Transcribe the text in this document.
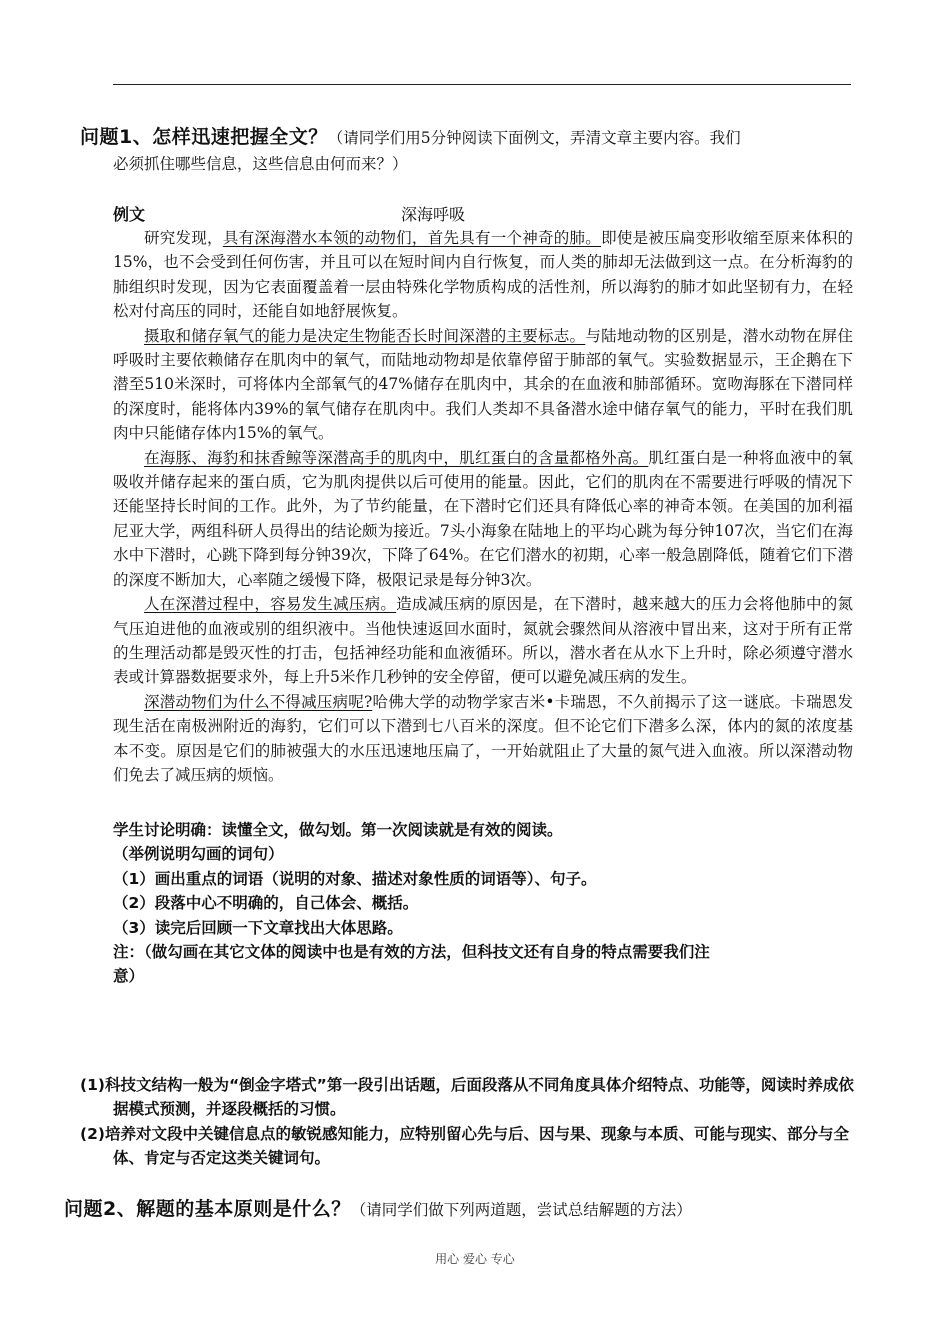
问题1、怎样迅速把握全文？（请同学们用5分钟阅读下面例文，弄清文章主要内容。我们
必须抓住哪些信息，这些信息由何而来？）
例文	深海呼吸

研究发现，具有深海潜水本领的动物们，首先具有一个神奇的肺。即使是被压扁变形收缩至原来体积的15%，也不会受到任何伤害，并且可以在短时间内自行恢复，而人类的肺却无法做到这一点。在分析海豹的肺组织时发现，因为它表面覆盖着一层由特殊化学物质构成的活性剂，所以海豹的肺才如此坚韧有力，在轻松对付高压的同时，还能自如地舒展恢复。

摄取和储存氧气的能力是决定生物能否长时间深潜的主要标志。与陆地动物的区别是，潜水动物在屏住呼吸时主要依赖储存在肌肉中的氧气，而陆地动物却是依靠停留于肺部的氧气。实验数据显示，王企鹅在下潜至510米深时，可将体内全部氧气的47%储存在肌肉中，其余的在血液和肺部循环。宽吻海豚在下潜同样的深度时，能将体内39%的氧气储存在肌肉中。我们人类却不具备潜水途中储存氧气的能力，平时在我们肌肉中只能储存体内15%的氧气。

在海豚、海豹和抹香鲸等深潜高手的肌肉中，肌红蛋白的含量都格外高。肌红蛋白是一种将血液中的氧吸收并储存起来的蛋白质，它为肌肉提供以后可使用的能量。因此，它们的肌肉在不需要进行呼吸的情况下还能坚持长时间的工作。此外，为了节约能量，在下潜时它们还具有降低心率的神奇本领。在美国的加利福尼亚大学，两组科研人员得出的结论颇为接近。7头小海象在陆地上的平均心跳为每分钟107次，当它们在海水中下潜时，心跳下降到每分钟39次，下降了64%。在它们潜水的初期，心率一般急剧降低，随着它们下潜的深度不断加大，心率随之缓慢下降，极限记录是每分钟3次。

人在深潜过程中，容易发生减压病。造成减压病的原因是，在下潜时，越来越大的压力会将他肺中的氮气压迫进他的血液或别的组织液中。当他快速返回水面时，氮就会骤然间从溶液中冒出来，这对于所有正常的生理活动都是毁灭性的打击，包括神经功能和血液循环。所以，潜水者在从水下上升时，除必须遵守潜水表或计算器数据要求外，每上升5米作几秒钟的安全停留，便可以避免减压病的发生。

深潜动物们为什么不得减压病呢?哈佛大学的动物学家吉米•卡瑞恩，不久前揭示了这一谜底。卡瑞恩发现生活在南极洲附近的海豹，它们可以下潜到七八百米的深度。但不论它们下潜多么深，体内的氮的浓度基本不变。原因是它们的肺被强大的水压迅速地压扁了，一开始就阻止了大量的氮气进入血液。所以深潜动物们免去了减压病的烦恼。

学生讨论明确：读懂全文，做勾划。第一次阅读就是有效的阅读。
（举例说明勾画的词句）
（1）画出重点的词语（说明的对象、描述对象性质的词语等）、句子。
（2）段落中心不明确的，自己体会、概括。
（3）读完后回顾一下文章找出大体思路。
注：（做勾画在其它文体的阅读中也是有效的方法，但科技文还有自身的特点需要我们注
意）
(1)科技文结构一般为“倒金字塔式”第一段引出话题，后面段落从不同角度具体介绍特点、功能等，阅读时养成依据模式预测，并逐段概括的习惯。
(2)培养对文段中关键信息点的敏锐感知能力，应特别留心先与后、因与果、现象与本质、可能与现实、部分与全体、肯定与否定这类关键词句。
问题2、解题的基本原则是什么？（请同学们做下列两道题，尝试总结解题的方法）
用心 爱心 专心
